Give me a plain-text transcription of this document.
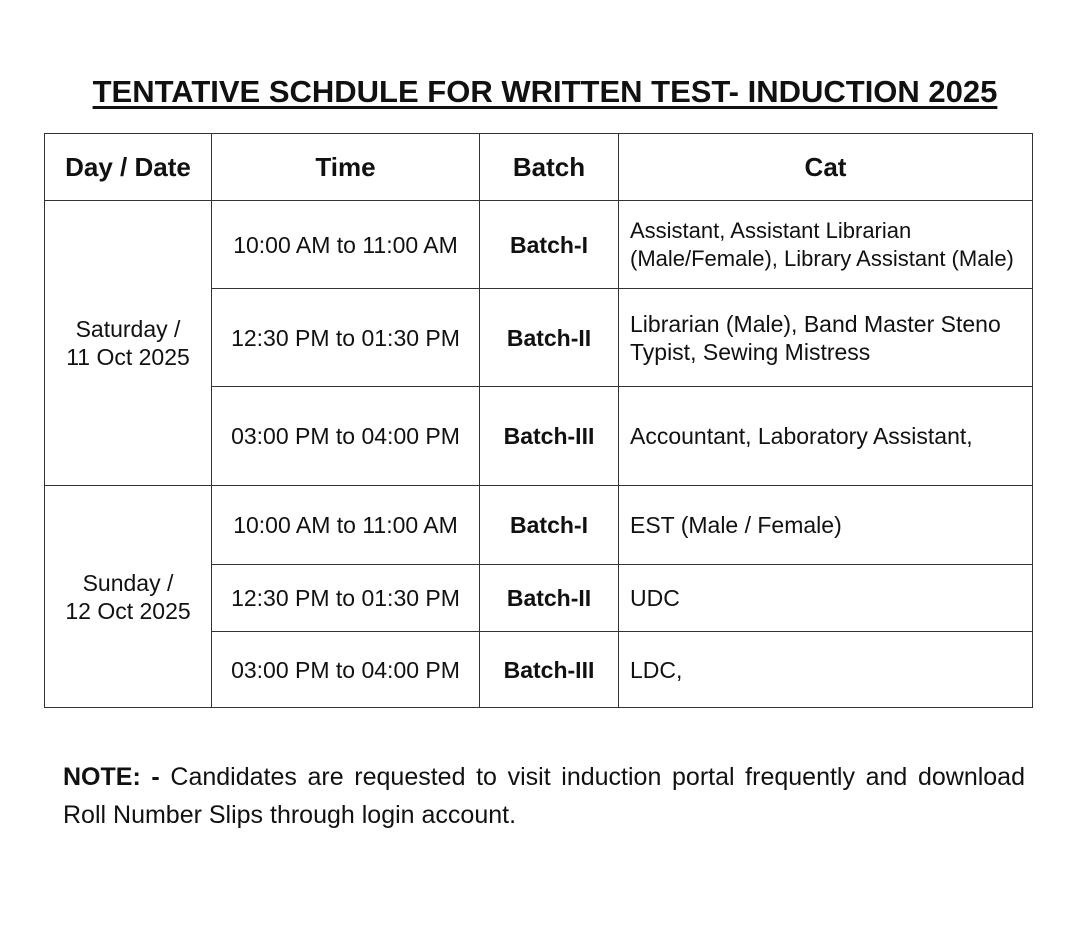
TENTATIVE SCHDULE FOR WRITTEN TEST- INDUCTION 2025
Day / Date	Time	Batch	Cat

Saturday /
11 Oct 2025	10:00 AM to 11:00 AM	Batch-I	Assistant, Assistant Librarian (Male/Female), Library Assistant (Male)
	12:30 PM to 01:30 PM	Batch-II	Librarian (Male), Band Master Steno Typist, Sewing Mistress
	03:00 PM to 04:00 PM	Batch-III	Accountant, Laboratory Assistant,

Sunday /
12 Oct 2025	10:00 AM to 11:00 AM	Batch-I	EST (Male / Female)
	12:30 PM to 01:30 PM	Batch-II	UDC
	03:00 PM to 04:00 PM	Batch-III	LDC,
NOTE: - Candidates are requested to visit induction portal frequently and download Roll Number Slips through login account.
